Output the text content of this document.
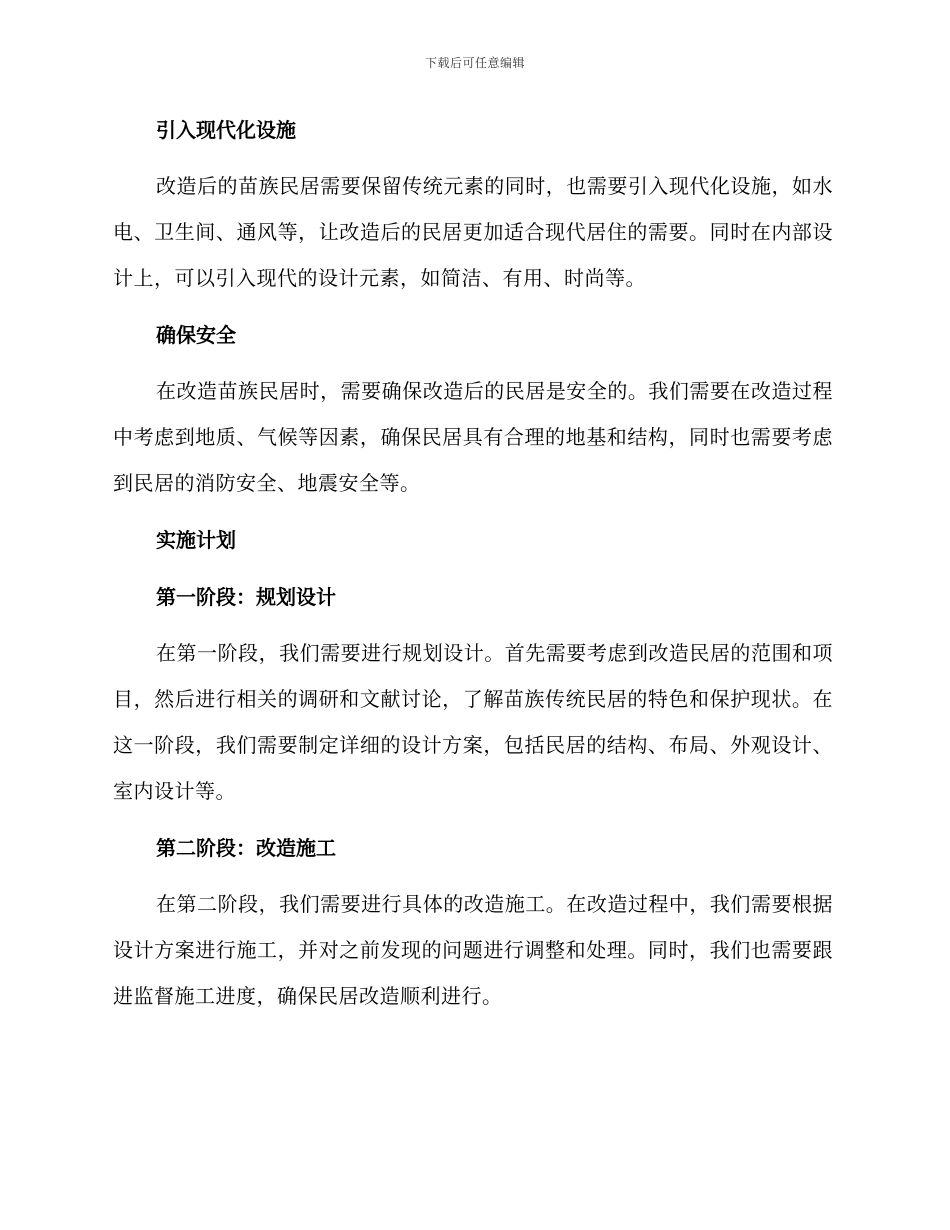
下载后可任意编辑
引入现代化设施

改造后的苗族民居需要保留传统元素的同时，也需要引入现代化设施，如水电、卫生间、通风等，让改造后的民居更加适合现代居住的需要。同时在内部设计上，可以引入现代的设计元素，如简洁、有用、时尚等。

确保安全

在改造苗族民居时，需要确保改造后的民居是安全的。我们需要在改造过程中考虑到地质、气候等因素，确保民居具有合理的地基和结构，同时也需要考虑到民居的消防安全、地震安全等。

实施计划
第一阶段：规划设计

在第一阶段，我们需要进行规划设计。首先需要考虑到改造民居的范围和项目，然后进行相关的调研和文献讨论，了解苗族传统民居的特色和保护现状。在这一阶段，我们需要制定详细的设计方案，包括民居的结构、布局、外观设计、室内设计等。

第二阶段：改造施工

在第二阶段，我们需要进行具体的改造施工。在改造过程中，我们需要根据设计方案进行施工，并对之前发现的问题进行调整和处理。同时，我们也需要跟进监督施工进度，确保民居改造顺利进行。
